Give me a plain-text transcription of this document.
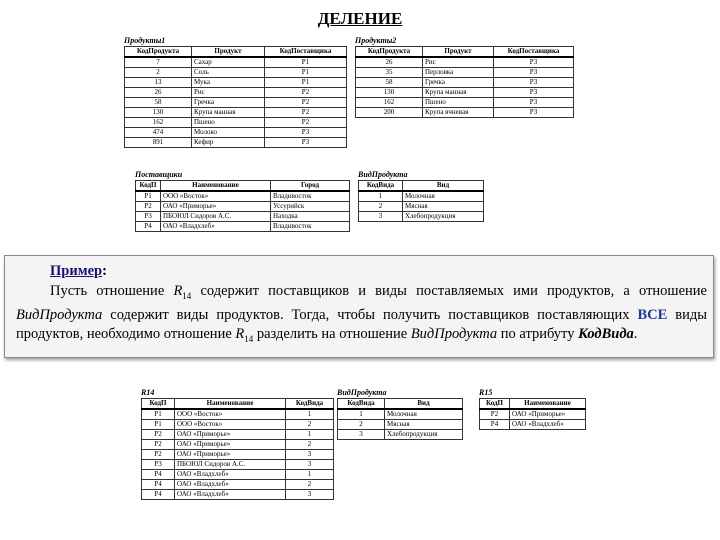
ДЕЛЕНИЕ
Продукты1
КодПродукта	Продукт	КодПоставщика
7	Сахар	P1
2	Соль	P1
13	Мука	P1
26	Рис	P2
58	Гречка	P2
130	Крупа манная	P2
162	Пшено	P2
474	Молоко	P3
891	Кефир	P3
Продукты2
КодПродукта	Продукт	КодПоставщика
26	Рис	P3
35	Перловка	P3
58	Гречка	P3
130	Крупа манная	P3
162	Пшено	P3
200	Крупа ячневая	P3
Поставщики
КодП	Наименование	Город
P1	ООО «Восток»	Владивосток
P2	ОАО «Приморье»	Уссурийск
P3	ПБОЮЛ Сидоров А.С.	Находка
P4	ОАО «Владхлеб»	Владивосток
ВидПродукта
КодВида	Вид
1	Молочная
2	Мясная
3	Хлебопродукция
Пример:
Пусть отношение $R_{14}$ содержит поставщиков и виды поставляемых ими продуктов, а отношение ВидПродукта содержит виды продуктов. Тогда, чтобы получить поставщиков поставляющих ВСЕ виды продуктов, необходимо отношение $R_{14}$ разделить на отношение ВидПродукта по атрибуту КодВида.
R14
КодП	Наименование	КодВида
P1	ООО «Восток»	1
P1	ООО «Восток»	2
P2	ОАО «Приморье»	1
P2	ОАО «Приморье»	2
P2	ОАО «Приморье»	3
P3	ПБОЮЛ Сидоров А.С.	3
P4	ОАО «Владхлеб»	1
P4	ОАО «Владхлеб»	2
P4	ОАО «Владхлеб»	3
ВидПродукта
КодВида	Вид
1	Молочная
2	Мясная
3	Хлебопродукция
R15
КодП	Наименование
P2	ОАО «Приморье»
P4	ОАО «Владхлеб»
